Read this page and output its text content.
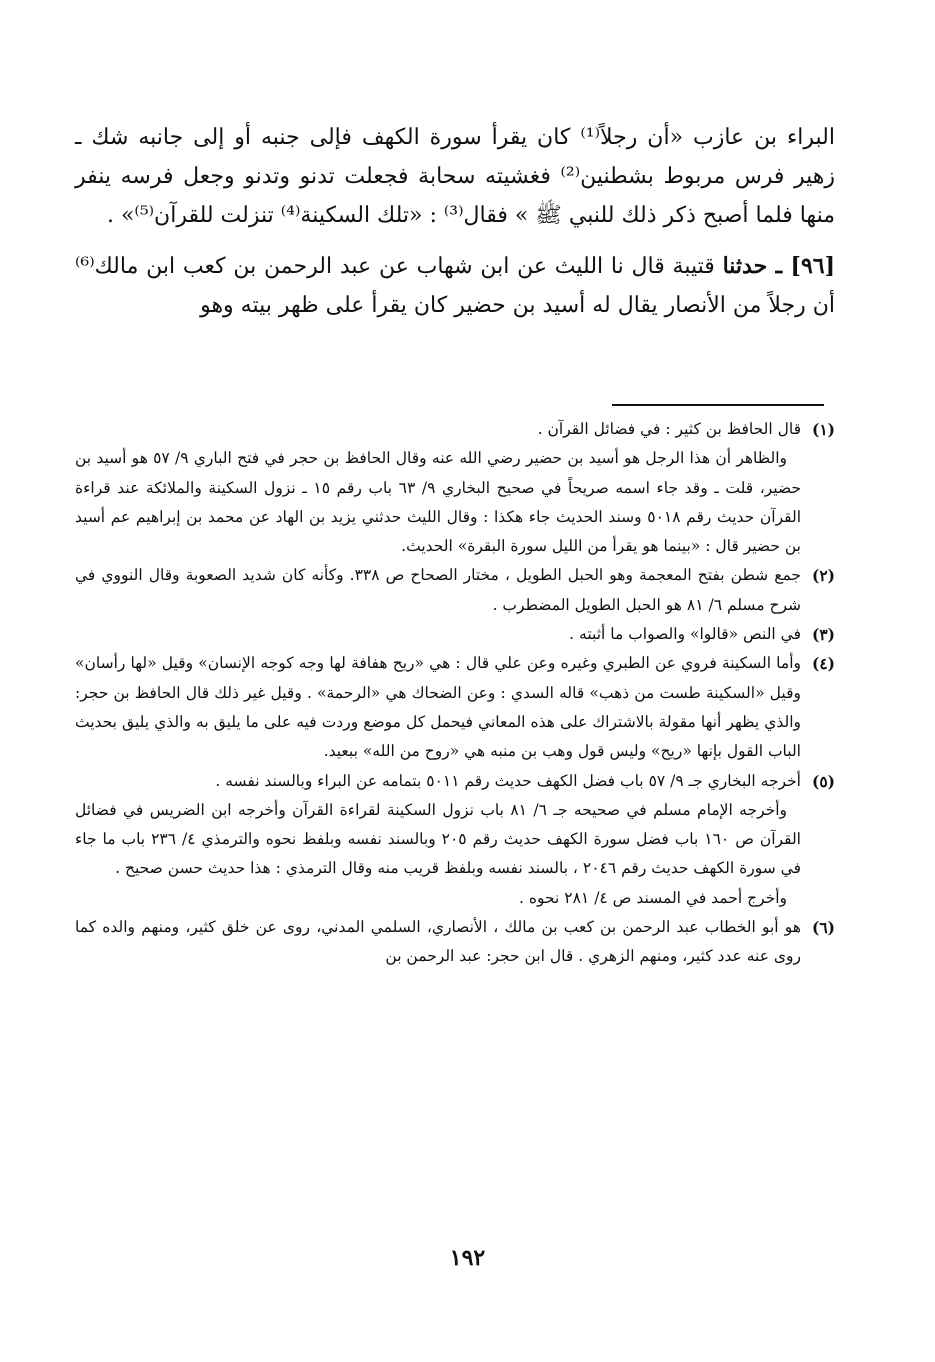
البراء بن عازب «أن رجلاً⁽¹⁾ كان يقرأ سورة الكهف فإلى جنبه أو إلى جانبه شك ـ زهير فرس مربوط بشطنين⁽²⁾ فغشيته سحابة فجعلت تدنو وتدنو وجعل فرسه ينفر منها فلما أصبح ذكر ذلك للنبي ﷺ » فقال⁽³⁾ : «تلك السكينة⁽⁴⁾ تنزلت للقرآن⁽⁵⁾» .

[٩٦] ـ حدثنا قتيبة قال نا الليث عن ابن شهاب عن عبد الرحمن بن كعب ابن مالك⁽⁶⁾ أن رجلاً من الأنصار يقال له أسيد بن حضير كان يقرأ على ظهر بيته وهو

(١)

قال الحافظ بن كثير : في فضائل القرآن .

والظاهر أن هذا الرجل هو أسيد بن حضير رضي الله عنه وقال الحافظ بن حجر في فتح الباري ٩/ ٥٧ هو أسيد بن حضير، قلت ـ وقد جاء اسمه صريحاً في صحيح البخاري ٩/ ٦٣ باب رقم ١٥ ـ نزول السكينة والملائكة عند قراءة القرآن حديث رقم ٥٠١٨ وسند الحديث جاء هكذا : وقال الليث حدثني يزيد بن الهاد عن محمد بن إبراهيم عم أسيد بن حضير قال : «بينما هو يقرأ من الليل سورة البقرة» الحديث.

(٢)

جمع شطن بفتح المعجمة وهو الحبل الطويل ، مختار الصحاح ص ٣٣٨. وكأنه كان شديد الصعوبة وقال النووي في شرح مسلم ٦/ ٨١ هو الحبل الطويل المضطرب .

(٣)

في النص «قالوا» والصواب ما أثبته .

(٤)

وأما السكينة فروي عن الطبري وغيره وعن علي قال : هي «ريح هفافة لها وجه كوجه الإنسان» وقيل «لها رأسان» وقيل «السكينة طست من ذهب» قاله السدي : وعن الضحاك هي «الرحمة» . وقيل غير ذلك قال الحافظ بن حجر: والذي يظهر أنها مقولة بالاشتراك على هذه المعاني فيحمل كل موضع وردت فيه على ما يليق به والذي يليق بحديث الباب القول بإنها «ريح» وليس قول وهب بن منبه هي «روح من الله» ببعيد.

(٥)

أخرجه البخاري جـ ٩/ ٥٧ باب فضل الكهف حديث رقم ٥٠١١ بتمامه عن البراء وبالسند نفسه .

وأخرجه الإمام مسلم في صحيحه جـ ٦/ ٨١ باب نزول السكينة لقراءة القرآن وأخرجه ابن الضريس في فضائل القرآن ص ١٦٠ باب فضل سورة الكهف حديث رقم ٢٠٥ وبالسند نفسه وبلفظ نحوه والترمذي ٤/ ٢٣٦ باب ما جاء في سورة الكهف حديث رقم ٢٠٤٦ ، بالسند نفسه وبلفظ قريب منه وقال الترمذي : هذا حديث حسن صحيح .

وأخرج أحمد في المسند ص ٤/ ٢٨١ نحوه .

(٦)

هو أبو الخطاب عبد الرحمن بن كعب بن مالك ، الأنصاري، السلمي المدني، روى عن خلق كثير، ومنهم والده كما روى عنه عدد كثير، ومنهم الزهري . قال ابن حجر: عبد الرحمن بن

١٩٢
